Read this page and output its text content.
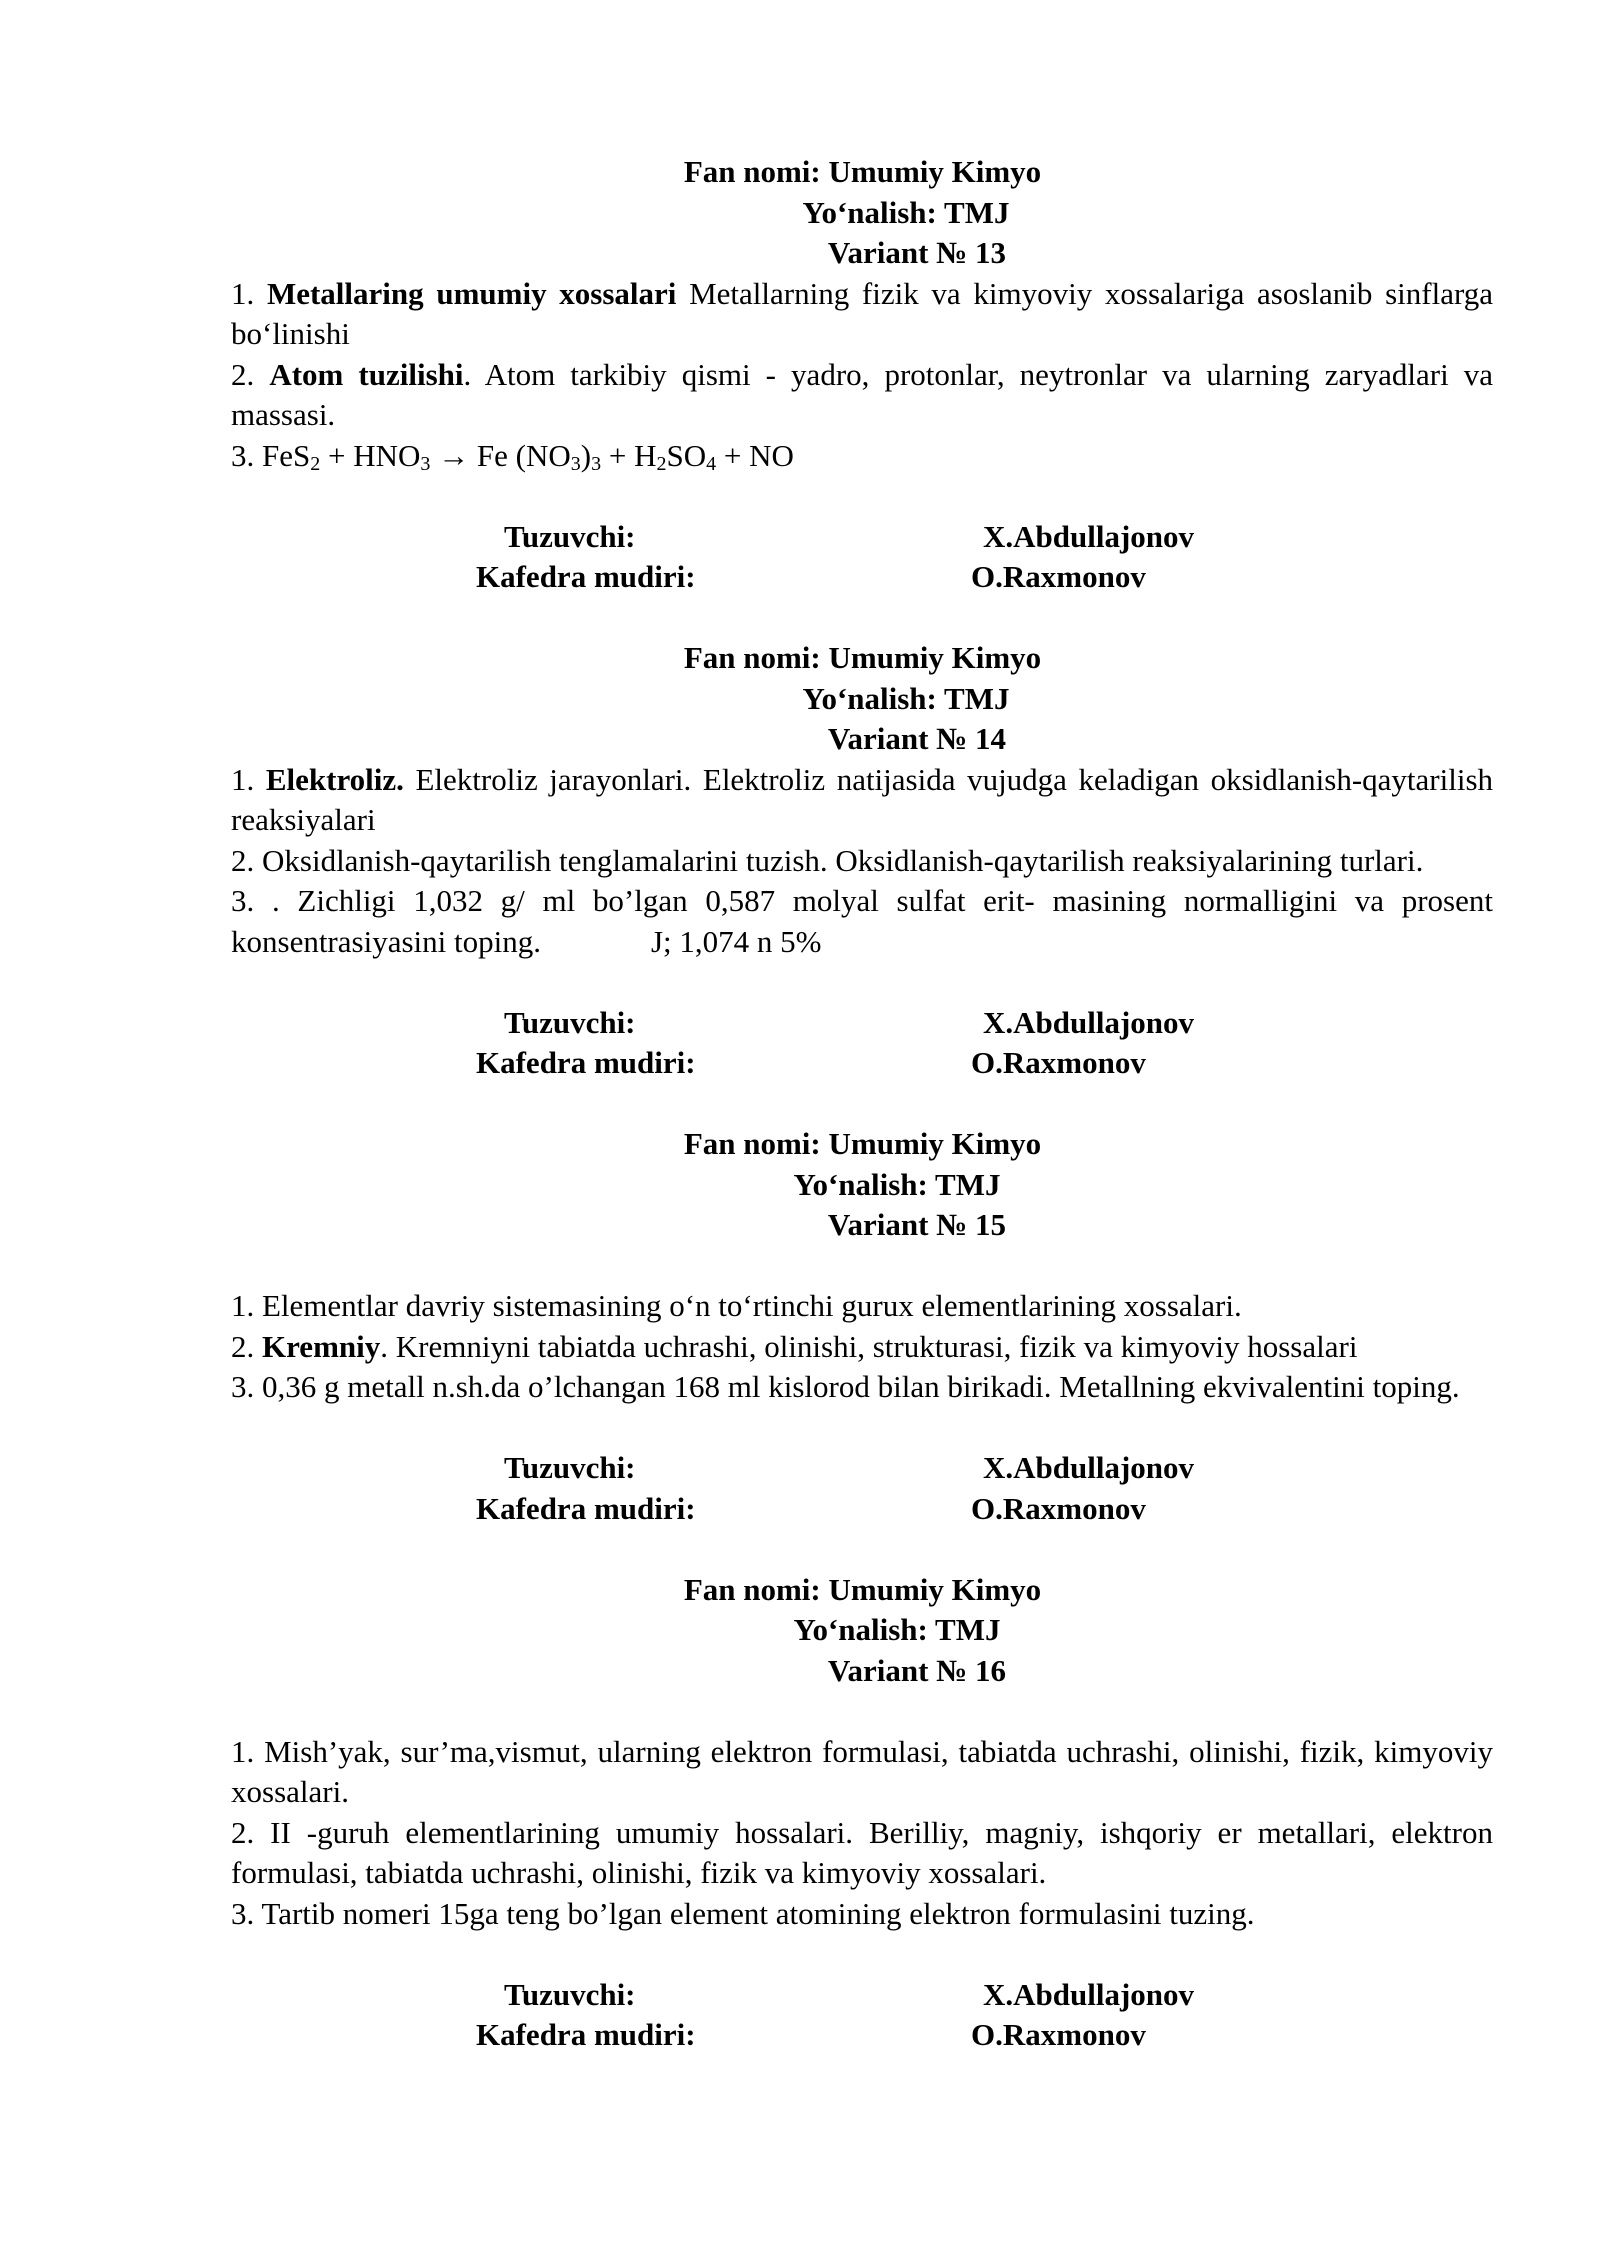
Fan nomi: Umumiy Kimyo
Yo‘nalish: TMJ
Variant № 13
1. Metallaring umumiy xossalari Metallarning fizik va kimyoviy xossalariga asoslanib sinflarga bo‘linishi
2. Atom tuzilishi. Atom tarkibiy qismi - yadro, protonlar, neytronlar va ularning zaryadlari va massasi.
3. $FeS_2 + HNO_3 \to Fe$ $(NO_3)_3 + H_2SO_4$ + NO
Tuzuvchi:	X.Abdullajonov
Kafedra mudiri:	O.Raxmonov
Fan nomi: Umumiy Kimyo
Yo‘nalish: TMJ
Variant № 14
1. Elektroliz. Elektroliz jarayonlari. Elektroliz natijasida vujudga keladigan oksidlanish-qaytarilish reaksiyalari
2. Oksidlanish-qaytarilish tenglamalarini tuzish. Oksidlanish-qaytarilish reaksiyalarining turlari.
3. . Zichligi 1,032 g/ ml bo’lgan 0,587 molyal sulfat erit- masining normalligini va prosent konsentrasiyasini toping.	J; 1,074 n 5%
Tuzuvchi:	X.Abdullajonov
Kafedra mudiri:	O.Raxmonov
Fan nomi: Umumiy Kimyo
Yo‘nalish: TMJ
Variant № 15
1. Elementlar davriy sistemasining o‘n to‘rtinchi gurux elementlarining xossalari.
2. Kremniy. Kremniyni tabiatda uchrashi, olinishi, strukturasi, fizik va kimyoviy hossalari
3. 0,36 g metall n.sh.da o’lchangan 168 ml kislorod bilan birikadi. Metallning ekvivalentini toping.
Tuzuvchi:	X.Abdullajonov
Kafedra mudiri:	O.Raxmonov
Fan nomi: Umumiy Kimyo
Yo‘nalish: TMJ
Variant № 16
1. Mish’yak, sur’ma,vismut, ularning elektron formulasi, tabiatda uchrashi, olinishi, fizik, kimyoviy xossalari.
2. II -guruh elementlarining umumiy hossalari. Berilliy, magniy, ishqoriy er metallari, elektron formulasi, tabiatda uchrashi, olinishi, fizik va kimyoviy xossalari.
3. Tartib nomeri 15ga teng bo’lgan element atomining elektron formulasini tuzing.
Tuzuvchi:	X.Abdullajonov
Kafedra mudiri:	O.Raxmonov
